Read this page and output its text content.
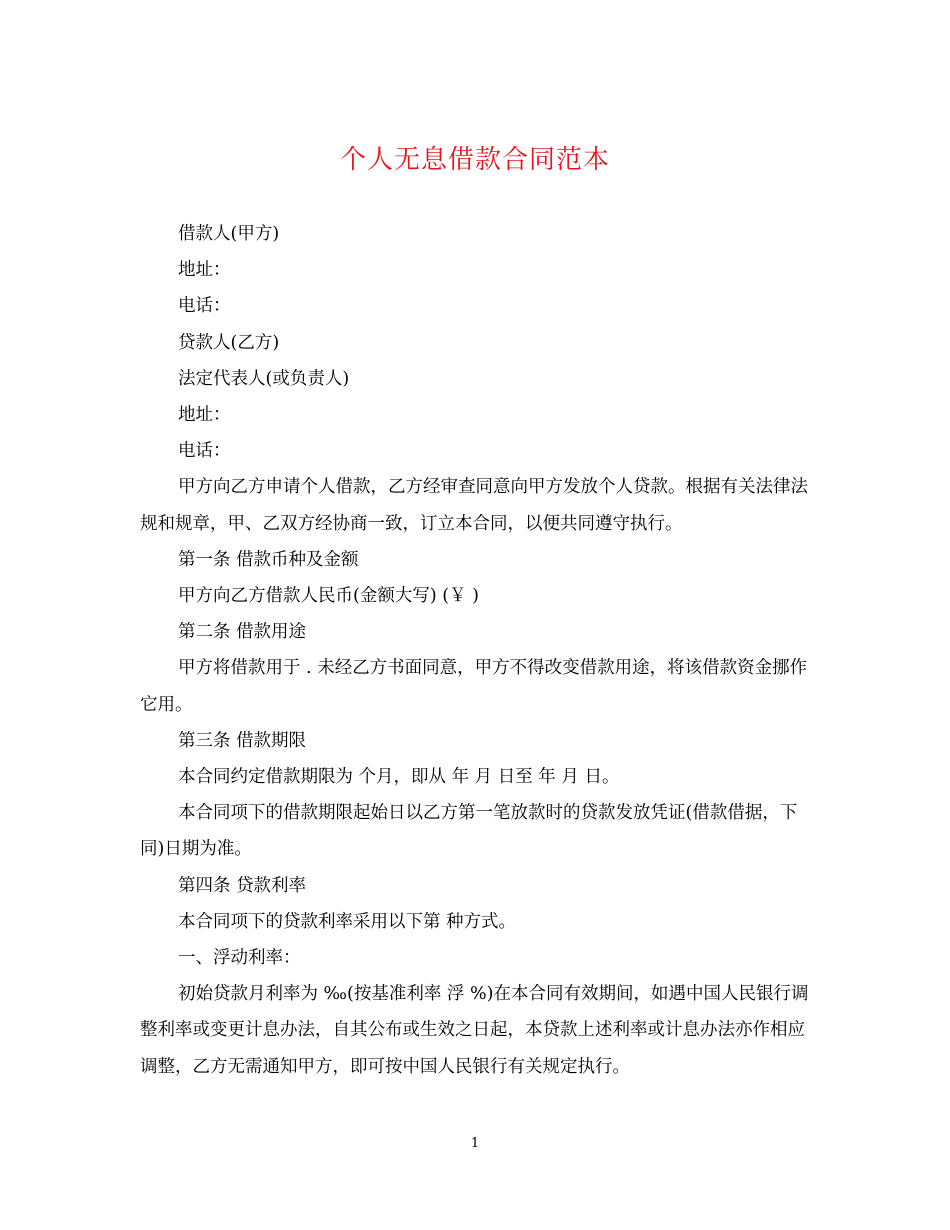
个人无息借款合同范本

借款人(甲方)

地址：

电话：

贷款人(乙方)

法定代表人(或负责人)

地址：

电话：

甲方向乙方申请个人借款，乙方经审查同意向甲方发放个人贷款。根据有关法律法规和规章，甲、乙双方经协商一致，订立本合同，以便共同遵守执行。

第一条 借款币种及金额

甲方向乙方借款人民币(金额大写) (￥ )

第二条 借款用途

甲方将借款用于 . 未经乙方书面同意，甲方不得改变借款用途，将该借款资金挪作它用。

第三条 借款期限

本合同约定借款期限为 个月，即从 年 月 日至 年 月 日。

本合同项下的借款期限起始日以乙方第一笔放款时的贷款发放凭证(借款借据，下同)日期为准。

第四条 贷款利率

本合同项下的贷款利率采用以下第 种方式。

一、浮动利率：

初始贷款月利率为 ‰(按基准利率 浮 %)在本合同有效期间，如遇中国人民银行调整利率或变更计息办法，自其公布或生效之日起，本贷款上述利率或计息办法亦作相应调整，乙方无需通知甲方，即可按中国人民银行有关规定执行。

1
